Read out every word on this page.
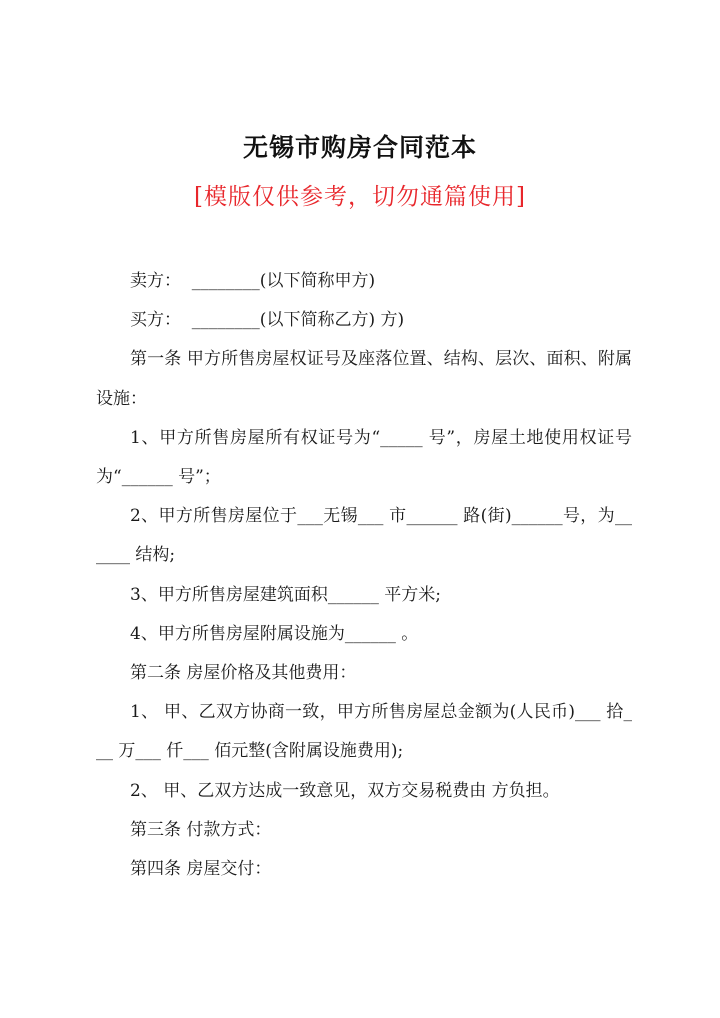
无锡市购房合同范本
[模版仅供参考，切勿通篇使用]

卖方：  ________(以下简称甲方)

买方：  ________(以下简称乙方) 方)

第一条 甲方所售房屋权证号及座落位置、结构、层次、面积、附属设施：

1、甲方所售房屋所有权证号为“_____ 号”，房屋土地使用权证号为“______ 号”；

2、甲方所售房屋位于___无锡___ 市______ 路(街)______号，为______ 结构;

3、甲方所售房屋建筑面积______ 平方米;

4、甲方所售房屋附属设施为______ 。

第二条 房屋价格及其他费用：

1、 甲、乙双方协商一致，甲方所售房屋总金额为(人民币)___ 拾___ 万___ 仟___ 佰元整(含附属设施费用);

2、 甲、乙双方达成一致意见，双方交易税费由 方负担。

第三条 付款方式：

第四条 房屋交付：
